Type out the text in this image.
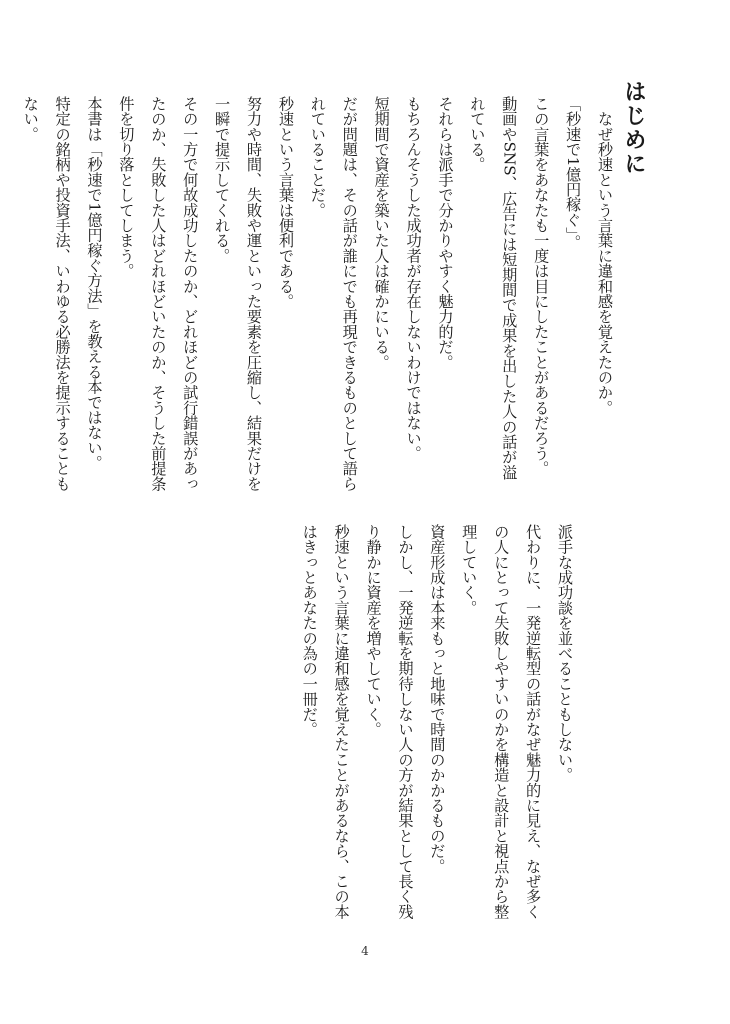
はじめに
　なぜ秒速という言葉に違和感を覚えたのか。
「秒速で1億円稼ぐ」。
この言葉をあなたも一度は目にしたことがあるだろう。
動画やSNS、広告には短期間で成果を出した人の話が溢
れている。
それらは派手で分かりやすく魅力的だ。
もちろんそうした成功者が存在しないわけではない。
短期間で資産を築いた人は確かにいる。
だが問題は、その話が誰にでも再現できるものとして語ら
れていることだ。
秒速という言葉は便利である。
努力や時間、失敗や運といった要素を圧縮し、結果だけを
一瞬で提示してくれる。
その一方で何故成功したのか、どれほどの試行錯誤があっ
たのか、失敗した人はどれほどいたのか、そうした前提条
件を切り落としてしまう。
本書は「秒速で1億円稼ぐ方法」を教える本ではない。
特定の銘柄や投資手法、いわゆる必勝法を提示することも
ない。
派手な成功談を並べることもしない。
代わりに、一発逆転型の話がなぜ魅力的に見え、なぜ多く
の人にとって失敗しやすいのかを構造と設計と視点から整
理していく。
資産形成は本来もっと地味で時間のかかるものだ。
しかし、一発逆転を期待しない人の方が結果として長く残
り静かに資産を増やしていく。
秒速という言葉に違和感を覚えたことがあるなら、この本
はきっとあなたの為の一冊だ。
4
